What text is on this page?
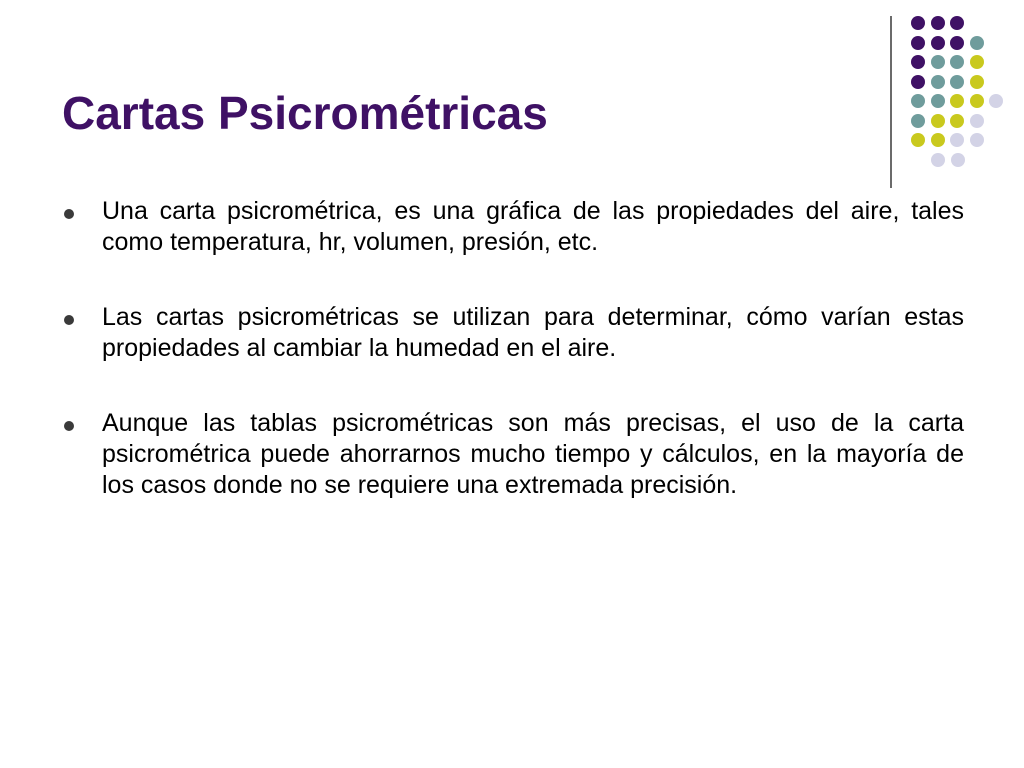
Cartas Psicrométricas
Una carta psicrométrica, es una gráfica de las propiedades del aire, tales como temperatura, hr, volumen, presión, etc.
Las cartas psicrométricas se utilizan para determinar, cómo varían estas propiedades al cambiar la humedad en el aire.
Aunque las tablas psicrométricas son más precisas, el uso de la carta psicrométrica puede ahorrarnos mucho tiempo y cálculos, en la mayoría de los casos donde no se requiere una extremada precisión.
